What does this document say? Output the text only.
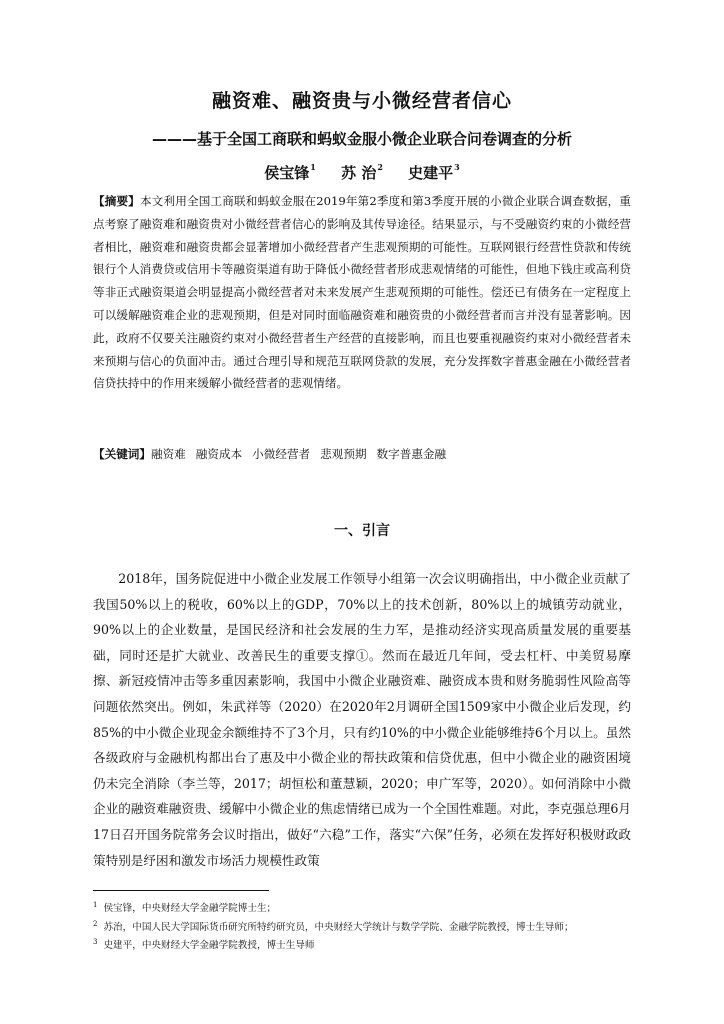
融资难、融资贵与小微经营者信心
———基于全国工商联和蚂蚁金服小微企业联合问卷调查的分析
侯宝锋$^1$ 苏 治$^2$ 史建平$^3$
【摘要】本文利用全国工商联和蚂蚁金服在2019年第2季度和第3季度开展的小微企业联合调查数据，重点考察了融资难和融资贵对小微经营者信心的影响及其传导途径。结果显示，与不受融资约束的小微经营者相比，融资难和融资贵都会显著增加小微经营者产生悲观预期的可能性。互联网银行经营性贷款和传统银行个人消费贷或信用卡等融资渠道有助于降低小微经营者形成悲观情绪的可能性，但地下钱庄或高利贷等非正式融资渠道会明显提高小微经营者对未来发展产生悲观预期的可能性。偿还已有债务在一定程度上可以缓解融资难企业的悲观预期，但是对同时面临融资难和融资贵的小微经营者而言并没有显著影响。因此，政府不仅要关注融资约束对小微经营者生产经营的直接影响，而且也要重视融资约束对小微经营者未来预期与信心的负面冲击。通过合理引导和规范互联网贷款的发展，充分发挥数字普惠金融在小微经营者信贷扶持中的作用来缓解小微经营者的悲观情绪。
【关键词】融资难 融资成本 小微经营者 悲观预期 数字普惠金融
一、引言

2018年，国务院促进中小微企业发展工作领导小组第一次会议明确指出，中小微企业贡献了我国50%以上的税收，60%以上的GDP，70%以上的技术创新，80%以上的城镇劳动就业，90%以上的企业数量，是国民经济和社会发展的生力军，是推动经济实现高质量发展的重要基础，同时还是扩大就业、改善民生的重要支撑①。然而在最近几年间，受去杠杆、中美贸易摩擦、新冠疫情冲击等多重因素影响，我国中小微企业融资难、融资成本贵和财务脆弱性风险高等问题依然突出。例如，朱武祥等（2020）在2020年2月调研全国1509家中小微企业后发现，约85%的中小微企业现金余额维持不了3个月，只有约10%的中小微企业能够维持6个月以上。虽然各级政府与金融机构都出台了惠及中小微企业的帮扶政策和信贷优惠，但中小微企业的融资困境仍未完全消除（李兰等，2017；胡恒松和董慧颖，2020；申广军等，2020）。如何消除中小微企业的融资难融资贵、缓解中小微企业的焦虑情绪已成为一个全国性难题。对此，李克强总理6月17日召开国务院常务会议时指出，做好“六稳”工作，落实“六保”任务，必须在发挥好积极财政政策特别是纾困和激发市场活力规模性政策

$^1$ 侯宝锋，中央财经大学金融学院博士生；

$^2$ 苏治，中国人民大学国际货币研究所特约研究员，中央财经大学统计与数学学院、金融学院教授，博士生导师；

$^3$ 史建平，中央财经大学金融学院教授，博士生导师
